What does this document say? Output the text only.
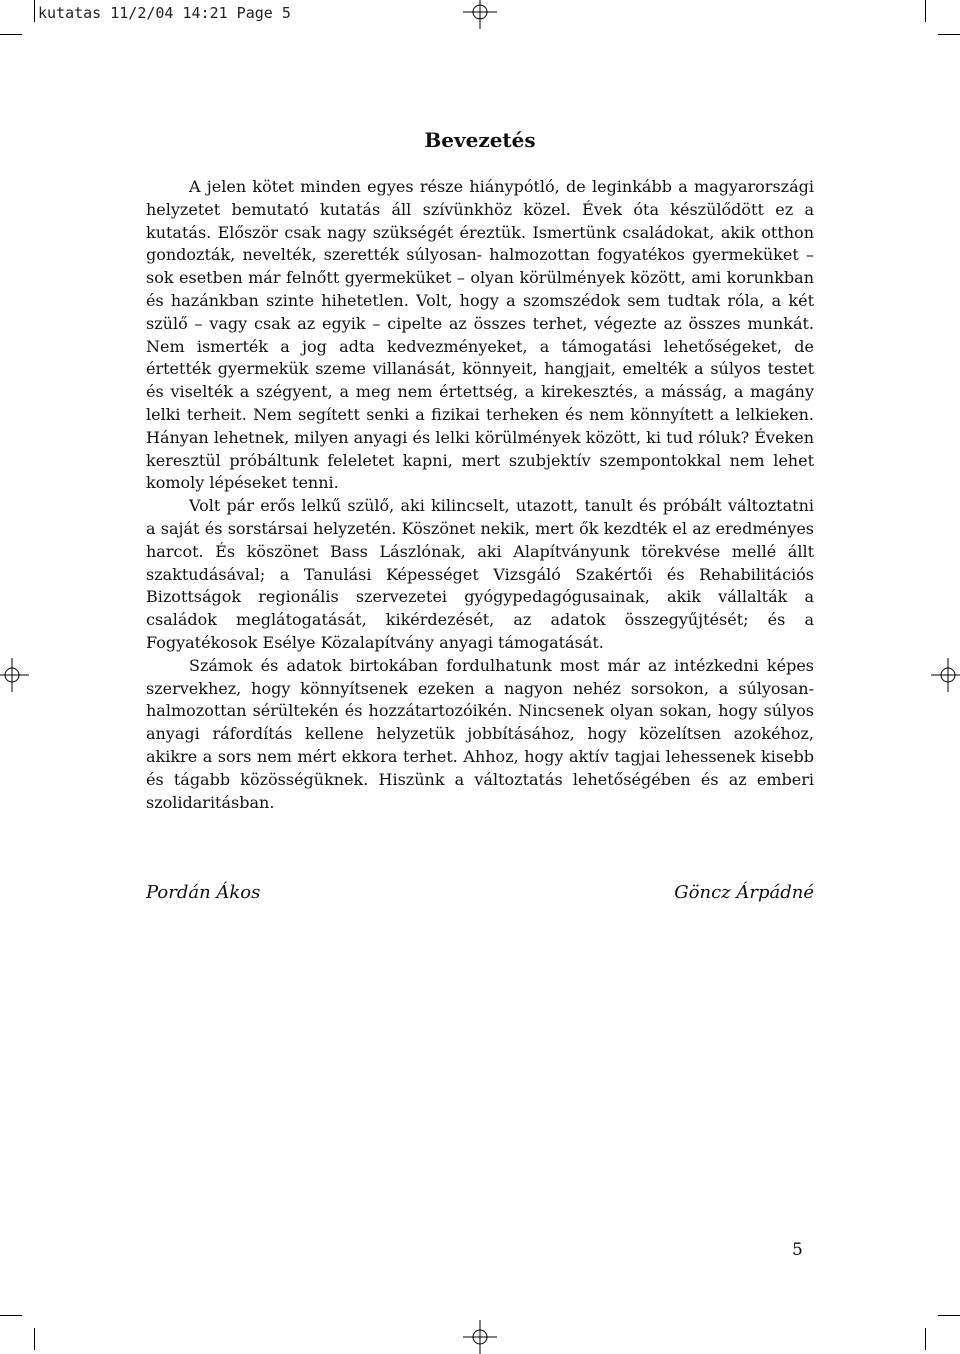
kutatas 11/2/04 14:21 Page 5
Bevezetés

A jelen kötet minden egyes része hiánypótló, de leginkább a magyarországi helyzetet bemutató kutatás áll szívünkhöz közel. Évek óta készülődött ez a kutatás. Először csak nagy szükségét éreztük. Ismertünk családokat, akik otthon gondozták, nevelték, szerették súlyosan- halmozottan fogyatékos gyermeküket – sok esetben már felnőtt gyermeküket – olyan körülmények között, ami korunkban és hazánkban szinte hihetetlen. Volt, hogy a szomszédok sem tudtak róla, a két szülő – vagy csak az egyik – cipelte az összes terhet, végezte az összes munkát. Nem ismerték a jog adta kedvezményeket, a támogatási lehetőségeket, de értették gyermekük szeme villanását, könnyeit, hangjait, emelték a súlyos testet és viselték a szégyent, a meg nem értettség, a kirekesztés, a másság, a magány lelki terheit. Nem segített senki a fizikai terheken és nem könnyített a lelkieken. Hányan lehetnek, milyen anyagi és lelki körülmények között, ki tud róluk? Éveken keresztül próbáltunk feleletet kapni, mert szubjektív szempontokkal nem lehet komoly lépéseket tenni.

Volt pár erős lelkű szülő, aki kilincselt, utazott, tanult és próbált változtatni a saját és sorstársai helyzetén. Köszönet nekik, mert ők kezdték el az eredményes harcot. És köszönet Bass Lászlónak, aki Alapítványunk törekvése mellé állt szaktudásával; a Tanulási Képességet Vizsgáló Szakértői és Rehabilitációs Bizottságok regionális szervezetei gyógypedagógusainak, akik vállalták a családok meglátogatását, kikérdezését, az adatok összegyűjtését; és a Fogyatékosok Esélye Közalapítvány anyagi támogatását.

Számok és adatok birtokában fordulhatunk most már az intézkedni képes szervekhez, hogy könnyítsenek ezeken a nagyon nehéz sorsokon, a súlyosan-halmozottan sérültekén és hozzátartozóikén. Nincsenek olyan sokan, hogy súlyos anyagi ráfordítás kellene helyzetük jobbításához, hogy közelítsen azokéhoz, akikre a sors nem mért ekkora terhet. Ahhoz, hogy aktív tagjai lehessenek kisebb és tágabb közösségüknek. Hiszünk a változtatás lehetőségében és az emberi szolidaritásban.

Pordán Ákos	Göncz Árpádné
5
